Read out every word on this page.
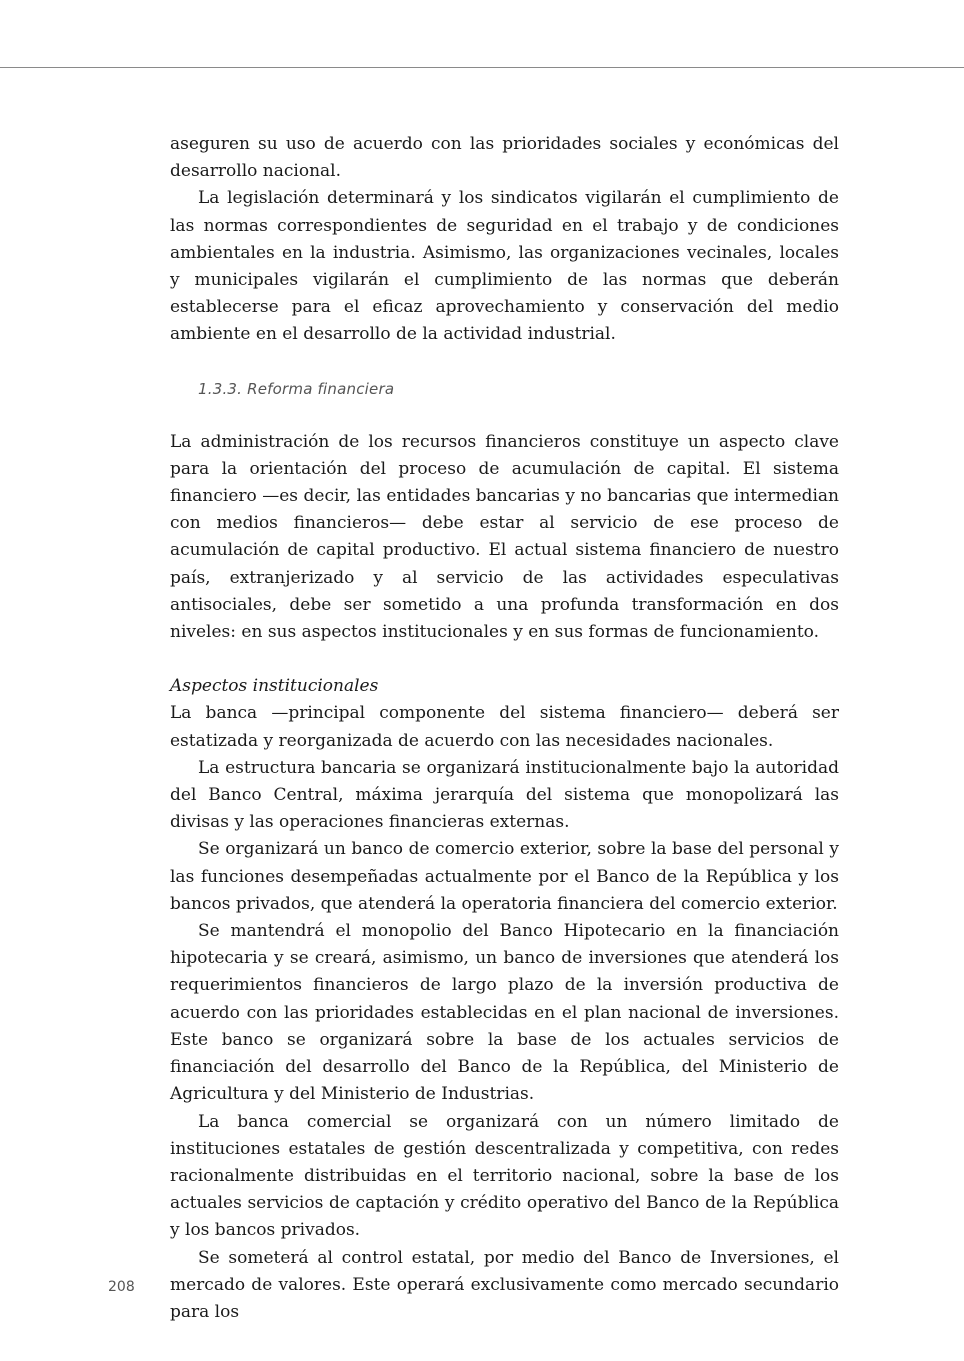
aseguren su uso de acuerdo con las prioridades sociales y económicas del desarrollo nacional.

La legislación determinará y los sindicatos vigilarán el cumplimiento de las normas correspondientes de seguridad en el trabajo y de condiciones ambientales en la industria. Asimismo, las organizaciones vecinales, locales y municipales vigilarán el cumplimiento de las normas que deberán establecerse para el eficaz aprovechamiento y conservación del medio ambiente en el desarrollo de la actividad industrial.

1.3.3. Reforma financiera

La administración de los recursos financieros constituye un aspecto clave para la orientación del proceso de acumulación de capital. El sistema financiero —es decir, las entidades bancarias y no bancarias que intermedian con medios financieros— debe estar al servicio de ese proceso de acumulación de capital productivo. El actual sistema financiero de nuestro país, extranjerizado y al servicio de las actividades especulativas antisociales, debe ser sometido a una profunda transformación en dos niveles: en sus aspectos institucionales y en sus formas de funcionamiento.

Aspectos institucionales

La banca —principal componente del sistema financiero— deberá ser estatizada y reorganizada de acuerdo con las necesidades nacionales.

La estructura bancaria se organizará institucionalmente bajo la autoridad del Banco Central, máxima jerarquía del sistema que monopolizará las divisas y las operaciones financieras externas.

Se organizará un banco de comercio exterior, sobre la base del personal y las funciones desempeñadas actualmente por el Banco de la República y los bancos privados, que atenderá la operatoria financiera del comercio exterior.

Se mantendrá el monopolio del Banco Hipotecario en la financiación hipotecaria y se creará, asimismo, un banco de inversiones que atenderá los requerimientos financieros de largo plazo de la inversión productiva de acuerdo con las prioridades establecidas en el plan nacional de inversiones. Este banco se organizará sobre la base de los actuales servicios de financiación del desarrollo del Banco de la República, del Ministerio de Agricultura y del Ministerio de Industrias.

La banca comercial se organizará con un número limitado de instituciones estatales de gestión descentralizada y competitiva, con redes racionalmente distribuidas en el territorio nacional, sobre la base de los actuales servicios de captación y crédito operativo del Banco de la República y los bancos privados.

Se someterá al control estatal, por medio del Banco de Inversiones, el mercado de valores. Este operará exclusivamente como mercado secundario para los

208
